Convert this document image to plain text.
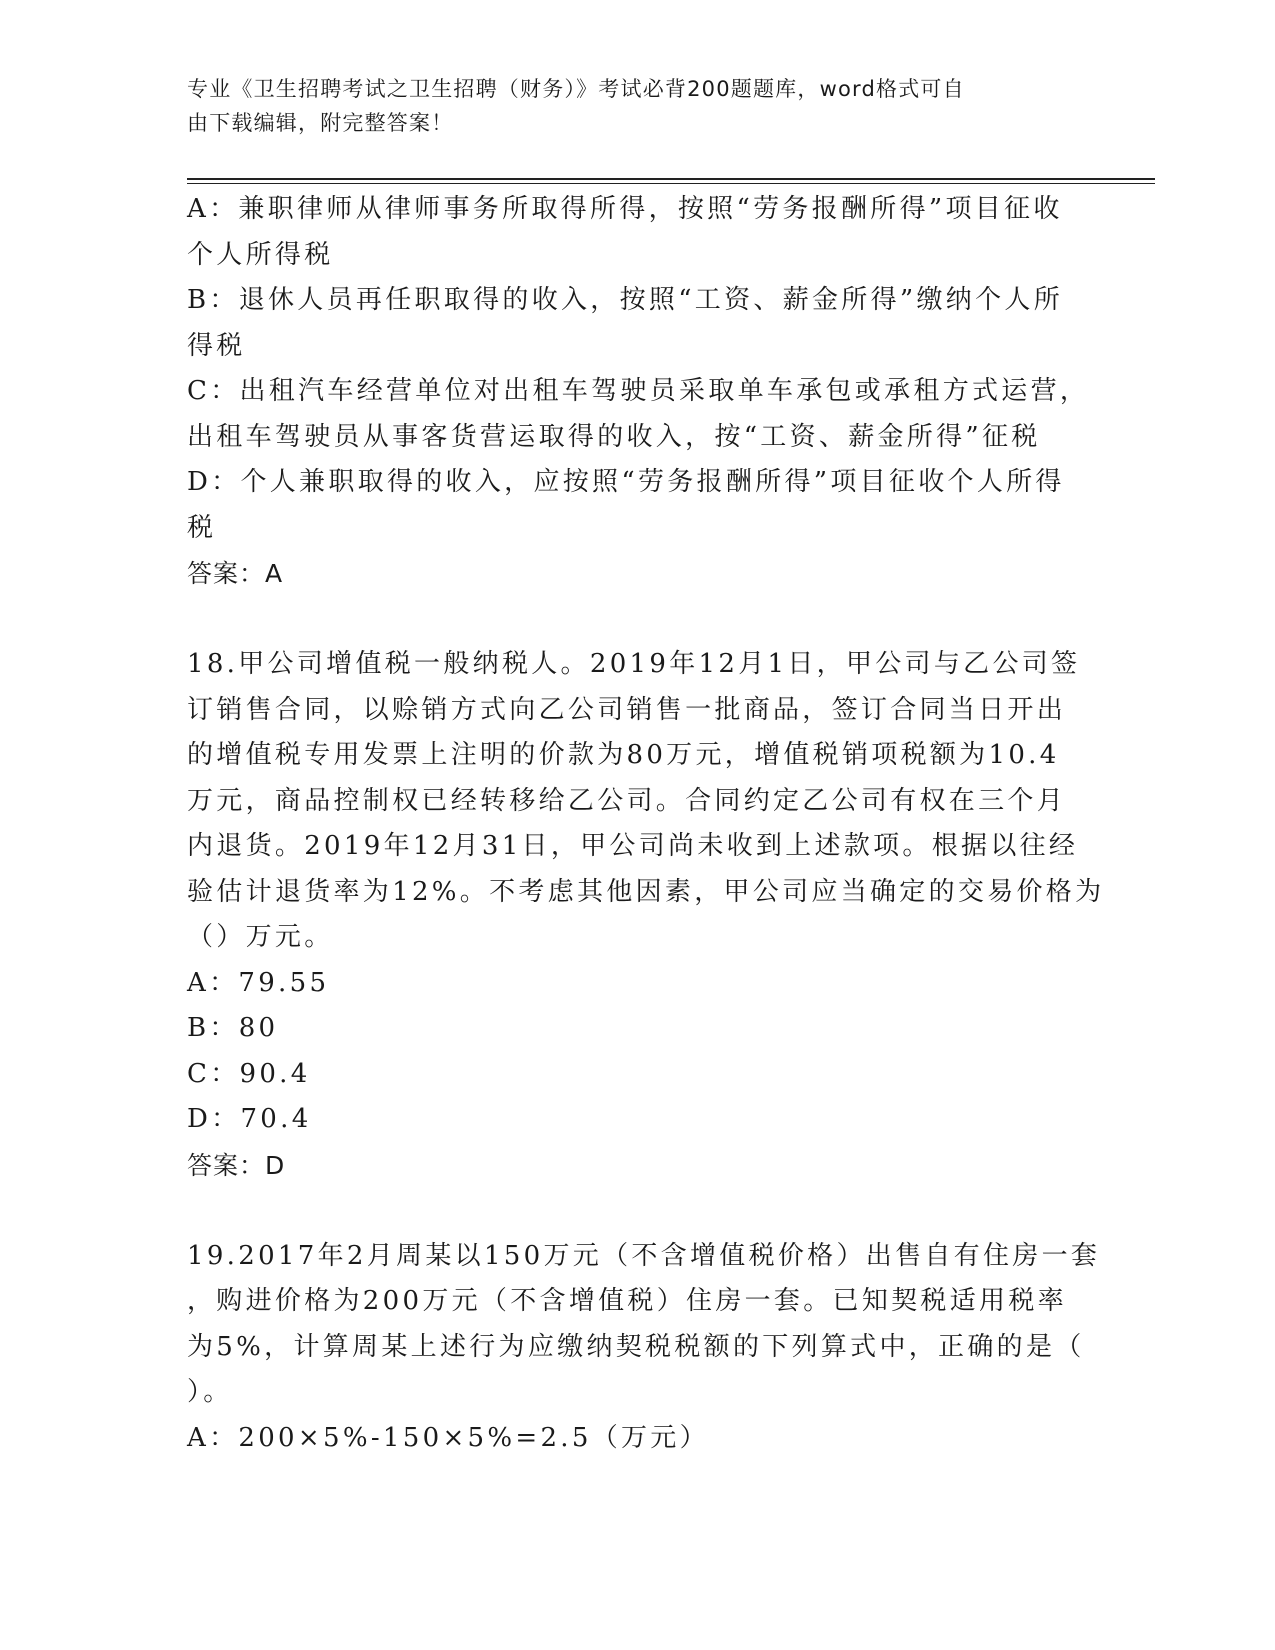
专业《卫生招聘考试之卫生招聘（财务）》考试必背200题题库，word格式可自
由下载编辑，附完整答案！
A：兼职律师从律师事务所取得所得，按照“劳务报酬所得”项目征收
个人所得税
B：退休人员再任职取得的收入，按照“工资、薪金所得”缴纳个人所
得税
C：出租汽车经营单位对出租车驾驶员采取单车承包或承租方式运营，
出租车驾驶员从事客货营运取得的收入，按“工资、薪金所得”征税
D：个人兼职取得的收入，应按照“劳务报酬所得”项目征收个人所得
税
答案：A
18.甲公司增值税一般纳税人。2019年12月1日，甲公司与乙公司签
订销售合同，以赊销方式向乙公司销售一批商品，签订合同当日开出
的增值税专用发票上注明的价款为80万元，增值税销项税额为10.4
万元，商品控制权已经转移给乙公司。合同约定乙公司有权在三个月
内退货。2019年12月31日，甲公司尚未收到上述款项。根据以往经
验估计退货率为12%。不考虑其他因素，甲公司应当确定的交易价格为
（）万元。
A：79.55
B：80
C：90.4
D：70.4
答案：D
19.2017年2月周某以150万元（不含增值税价格）出售自有住房一套
，购进价格为200万元（不含增值税）住房一套。已知契税适用税率
为5%，计算周某上述行为应缴纳契税税额的下列算式中，正确的是（
）。
A：200×5%-150×5%=2.5（万元）
